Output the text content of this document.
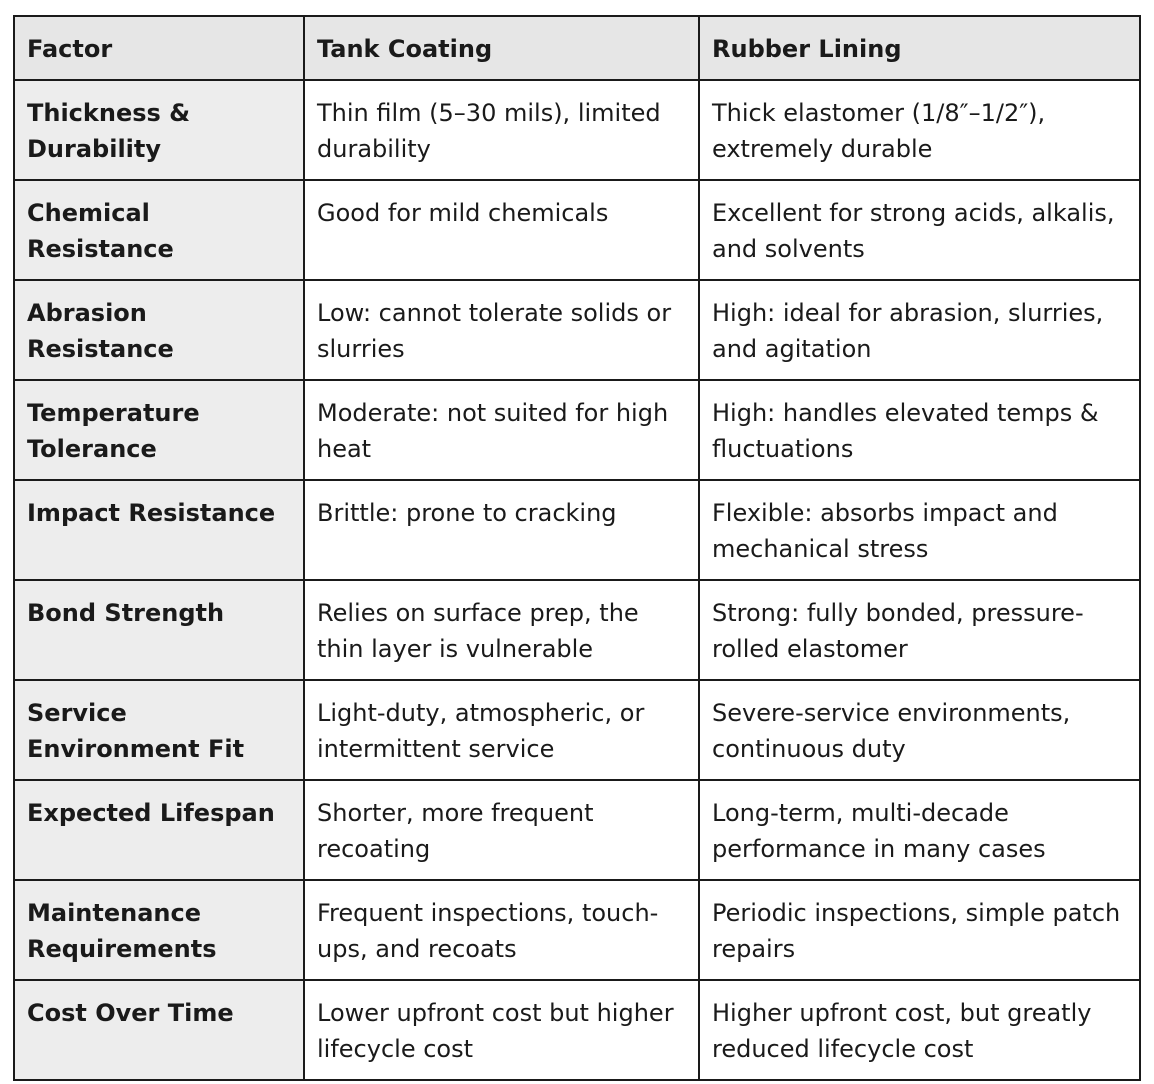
Factor	Tank Coating	Rubber Lining
Thickness & Durability	Thin film (5–30 mils), limited durability	Thick elastomer (1/8″–1/2″), extremely durable
Chemical Resistance	Good for mild chemicals	Excellent for strong acids, alkalis, and solvents
Abrasion Resistance	Low: cannot tolerate solids or slurries	High: ideal for abrasion, slurries, and agitation
Temperature Tolerance	Moderate: not suited for high heat	High: handles elevated temps & fluctuations
Impact Resistance	Brittle: prone to cracking	Flexible: absorbs impact and mechanical stress
Bond Strength	Relies on surface prep, the thin layer is vulnerable	Strong: fully bonded, pressure-rolled elastomer
Service Environment Fit	Light-duty, atmospheric, or intermittent service	Severe-service environments, continuous duty
Expected Lifespan	Shorter, more frequent recoating	Long-term, multi-decade performance in many cases
Maintenance Requirements	Frequent inspections, touch-ups, and recoats	Periodic inspections, simple patch repairs
Cost Over Time	Lower upfront cost but higher lifecycle cost	Higher upfront cost, but greatly reduced lifecycle cost
